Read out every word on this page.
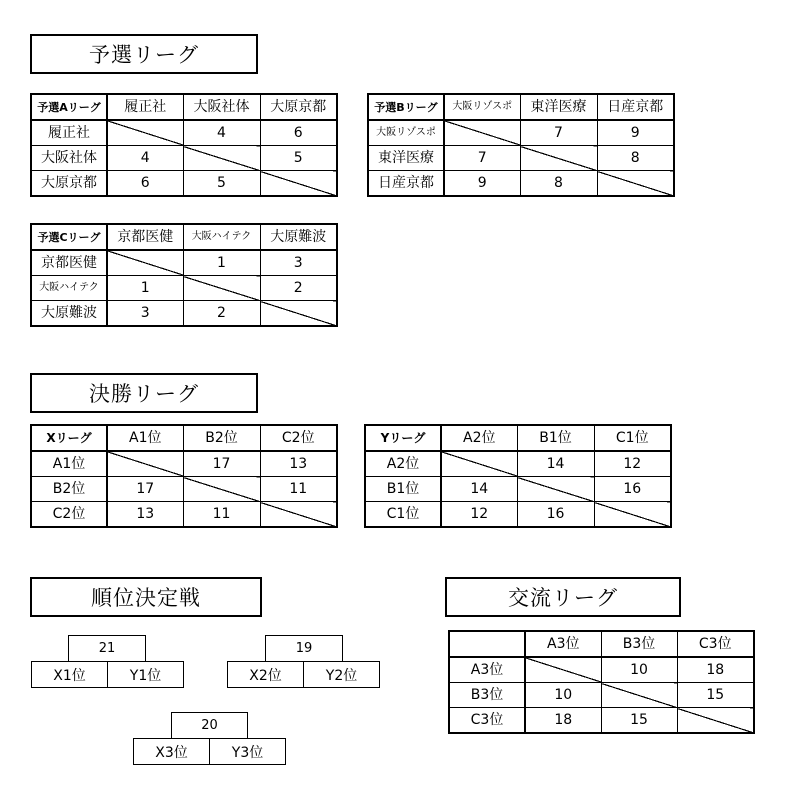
予選リーグ
決勝リーグ
順位決定戦	交流リーグ
予選Aリーグ	履正社	大阪社体	大原京都
履正社		4	6
大阪社体	4		5
大原京都	6	5	
予選Bリーグ	大阪リゾスポ	東洋医療	日産京都
大阪リゾスポ		7	9
東洋医療	7		8
日産京都	9	8	
予選Cリーグ	京都医健	大阪ハイテク	大原難波
京都医健		1	3
大阪ハイテク	1		2
大原難波	3	2	
Xリーグ	A1位	B2位	C2位
A1位		17	13
B2位	17		11
C2位	13	11	
Yリーグ	A2位	B1位	C1位
A2位		14	12
B1位	14		16
C1位	12	16	
	A3位	B3位	C3位
A3位		10	18
B3位	10		15
C3位	18	15	
21
X1位	Y1位
19
X2位	Y2位
20
X3位	Y3位
